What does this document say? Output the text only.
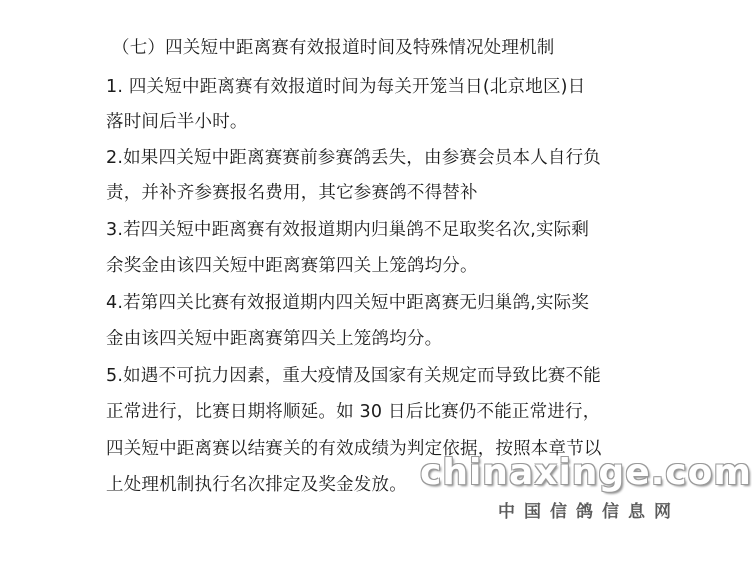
（七）四关短中距离赛有效报道时间及特殊情况处理机制
1. 四关短中距离赛有效报道时间为每关开笼当日(北京地区)日
落时间后半小时。
2.如果四关短中距离赛赛前参赛鸽丢失，由参赛会员本人自行负
责，并补齐参赛报名费用，其它参赛鸽不得替补
3.若四关短中距离赛有效报道期内归巢鸽不足取奖名次,实际剩
余奖金由该四关短中距离赛第四关上笼鸽均分。
4.若第四关比赛有效报道期内四关短中距离赛无归巢鸽,实际奖
金由该四关短中距离赛第四关上笼鸽均分。
5.如遇不可抗力因素，重大疫情及国家有关规定而导致比赛不能
正常进行，比赛日期将顺延。如 30 日后比赛仍不能正常进行，
四关短中距离赛以结赛关的有效成绩为判定依据，按照本章节以
上处理机制执行名次排定及奖金发放。 chinaxinge.com
中国信鸽信息网
